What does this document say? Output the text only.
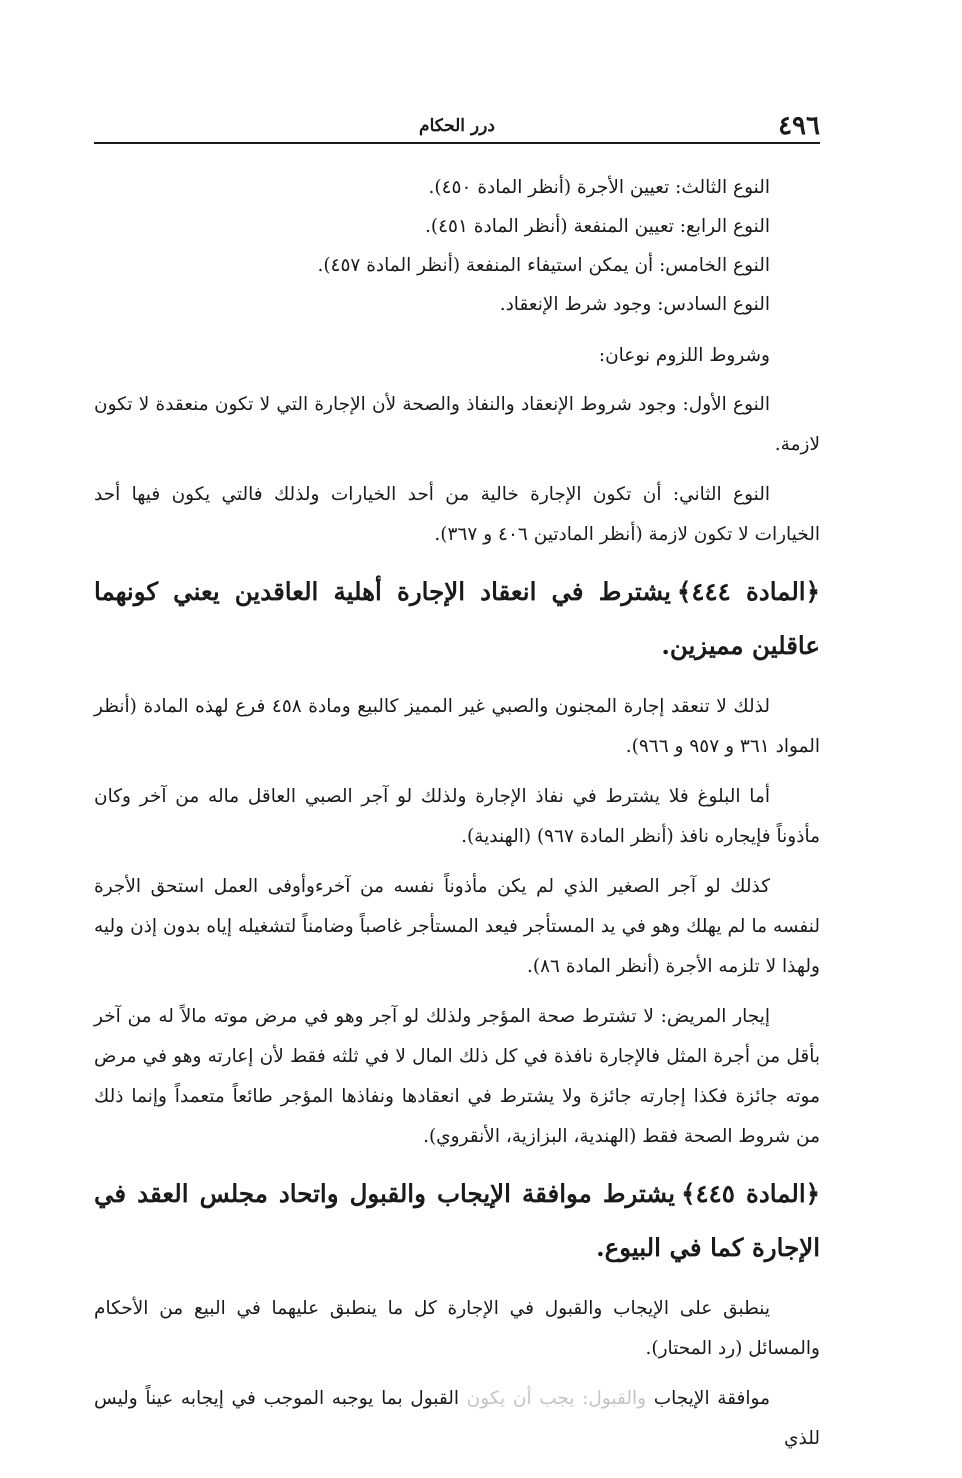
٤٩٦
درر الحكام

النوع الثالث: تعيين الأجرة (أنظر المادة ٤٥٠).

النوع الرابع: تعيين المنفعة (أنظر المادة ٤٥١).

النوع الخامس: أن يمكن استيفاء المنفعة (أنظر المادة ٤٥٧).

النوع السادس: وجود شرط الإنعقاد.

وشروط اللزوم نوعان:

النوع الأول: وجود شروط الإنعقاد والنفاذ والصحة لأن الإجارة التي لا تكون منعقدة لا تكون لازمة.

النوع الثاني: أن تكون الإجارة خالية من أحد الخيارات ولذلك فالتي يكون فيها أحد الخيارات لا تكون لازمة (أنظر المادتين ٤٠٦ و ٣٦٧).

﴿المادة ٤٤٤﴾يشترط في انعقاد الإجارة أهلية العاقدين يعني كونهما عاقلين مميزين.

لذلك لا تنعقد إجارة المجنون والصبي غير المميز كالبيع ومادة ٤٥٨ فرع لهذه المادة (أنظر المواد ٣٦١ و ٩٥٧ و ٩٦٦).

أما البلوغ فلا يشترط في نفاذ الإجارة ولذلك لو آجر الصبي العاقل ماله من آخر وكان مأذوناً فإيجاره نافذ (أنظر المادة ٩٦٧) (الهندية).

كذلك لو آجر الصغير الذي لم يكن مأذوناً نفسه من آخرءوأوفى العمل استحق الأجرة لنفسه ما لم يهلك وهو في يد المستأجر فيعد المستأجر غاصباً وضامناً لتشغيله إياه بدون إذن وليه ولهذا لا تلزمه الأجرة (أنظر المادة ٨٦).

إيجار المريض: لا تشترط صحة المؤجر ولذلك لو آجر وهو في مرض موته مالاً له من آخر بأقل من أجرة المثل فالإجارة نافذة في كل ذلك المال لا في ثلثه فقط لأن إعارته وهو في مرض موته جائزة فكذا إجارته جائزة ولا يشترط في انعقادها ونفاذها المؤجر طائعاً متعمداً وإنما ذلك من شروط الصحة فقط (الهندية، البزازية، الأنقروي).

﴿المادة ٤٤٥﴾يشترط موافقة الإيجاب والقبول واتحاد مجلس العقد في الإجارة كما في البيوع.

ينطبق على الإيجاب والقبول في الإجارة كل ما ينطبق عليهما في البيع من الأحكام والمسائل (رد المحتار).

موافقة الإيجاب والقبول: يجب أن يكون القبول بما يوجبه الموجب في إيجابه عيناً وليس للذي
